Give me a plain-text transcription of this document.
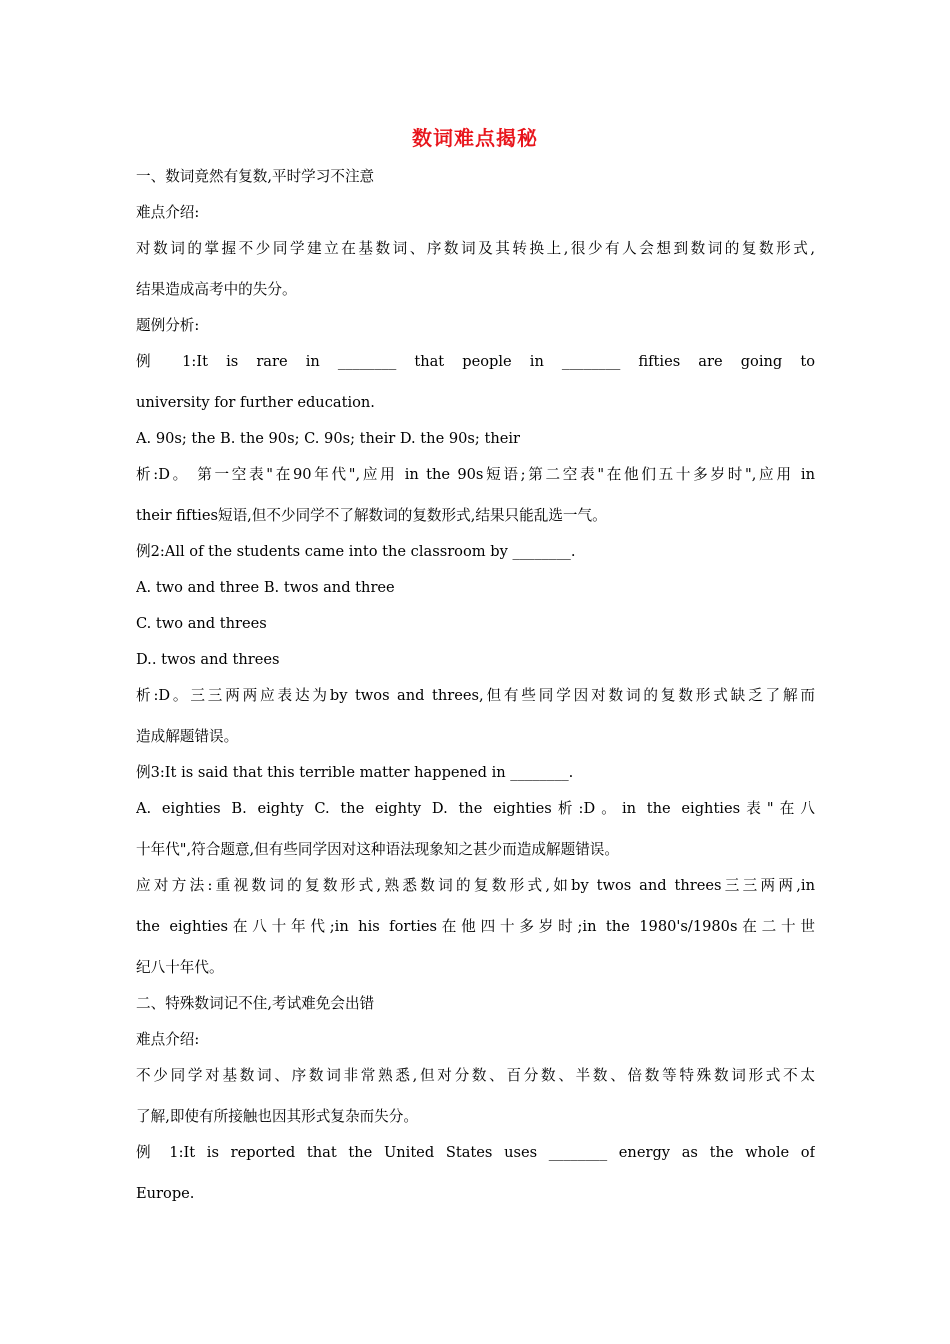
数词难点揭秘

一、数词竟然有复数,平时学习不注意

难点介绍:

对数词的掌握不少同学建立在基数词、序数词及其转换上,很少有人会想到数词的复数形式,

结果造成高考中的失分。

题例分析:

例 1:It is rare in ________ that people in ________ fifties are going to

university for further education.

A. 90s; the B. the 90s; C. 90s; their D. the 90s; their

析:D。 第一空表"在90年代",应用 in the 90s短语;第二空表"在他们五十多岁时",应用 in

their fifties短语,但不少同学不了解数词的复数形式,结果只能乱选一气。

例2:All of the students came into the classroom by ________.

A. two and three B. twos and three

C. two and threes

D.. twos and threes

析:D。三三两两应表达为by twos and threes,但有些同学因对数词的复数形式缺乏了解而

造成解题错误。

例3:It is said that this terrible matter happened in ________.

A. eighties B. eighty C. the eighty D. the eighties析:D。in the eighties表"在八

十年代",符合题意,但有些同学因对这种语法现象知之甚少而造成解题错误。

应对方法:重视数词的复数形式,熟悉数词的复数形式,如by twos and threes三三两两,in

the eighties在八十年代;in his forties在他四十多岁时;in the 1980's/1980s在二十世

纪八十年代。

二、特殊数词记不住,考试难免会出错

难点介绍:

不少同学对基数词、序数词非常熟悉,但对分数、百分数、半数、倍数等特殊数词形式不太

了解,即使有所接触也因其形式复杂而失分。

例 1:It is reported that the United States uses ________ energy as the whole of

Europe.
